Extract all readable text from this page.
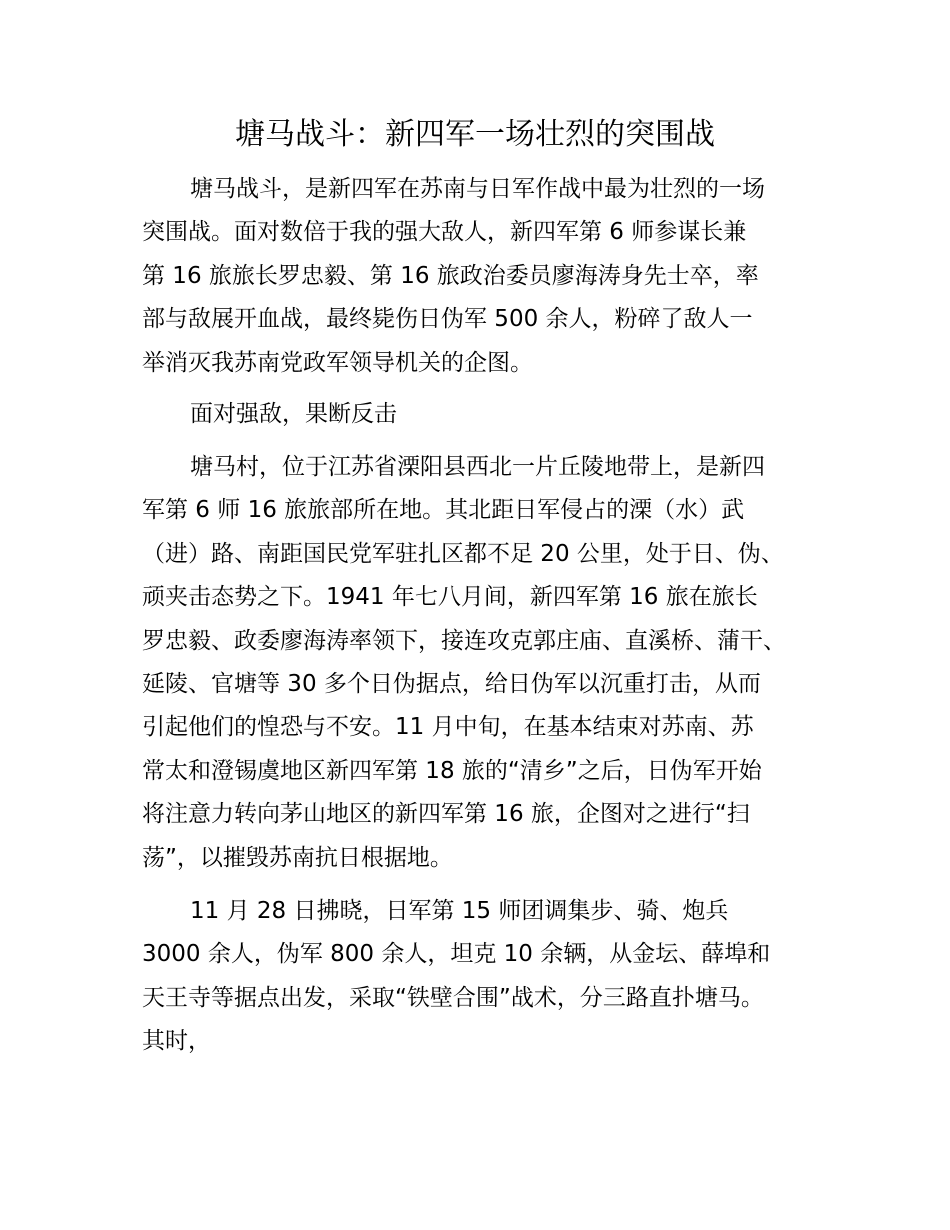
塘马战斗：新四军一场壮烈的突围战
塘马战斗，是新四军在苏南与日军作战中最为壮烈的一场
突围战。面对数倍于我的强大敌人，新四军第 6 师参谋长兼
第 16 旅旅长罗忠毅、第 16 旅政治委员廖海涛身先士卒，率
部与敌展开血战，最终毙伤日伪军 500 余人，粉碎了敌人一
举消灭我苏南党政军领导机关的企图。
面对强敌，果断反击
塘马村，位于江苏省溧阳县西北一片丘陵地带上，是新四
军第 6 师 16 旅旅部所在地。其北距日军侵占的溧（水）武
（进）路、南距国民党军驻扎区都不足 20 公里，处于日、伪、
顽夹击态势之下。1941 年七八月间，新四军第 16 旅在旅长
罗忠毅、政委廖海涛率领下，接连攻克郭庄庙、直溪桥、蒲干、
延陵、官塘等 30 多个日伪据点，给日伪军以沉重打击，从而
引起他们的惶恐与不安。11 月中旬，在基本结束对苏南、苏
常太和澄锡虞地区新四军第 18 旅的“清乡”之后，日伪军开始
将注意力转向茅山地区的新四军第 16 旅，企图对之进行“扫
荡”，以摧毁苏南抗日根据地。
11 月 28 日拂晓，日军第 15 师团调集步、骑、炮兵
3000 余人，伪军 800 余人，坦克 10 余辆，从金坛、薛埠和
天王寺等据点出发，采取“铁壁合围”战术，分三路直扑塘马。
其时，
